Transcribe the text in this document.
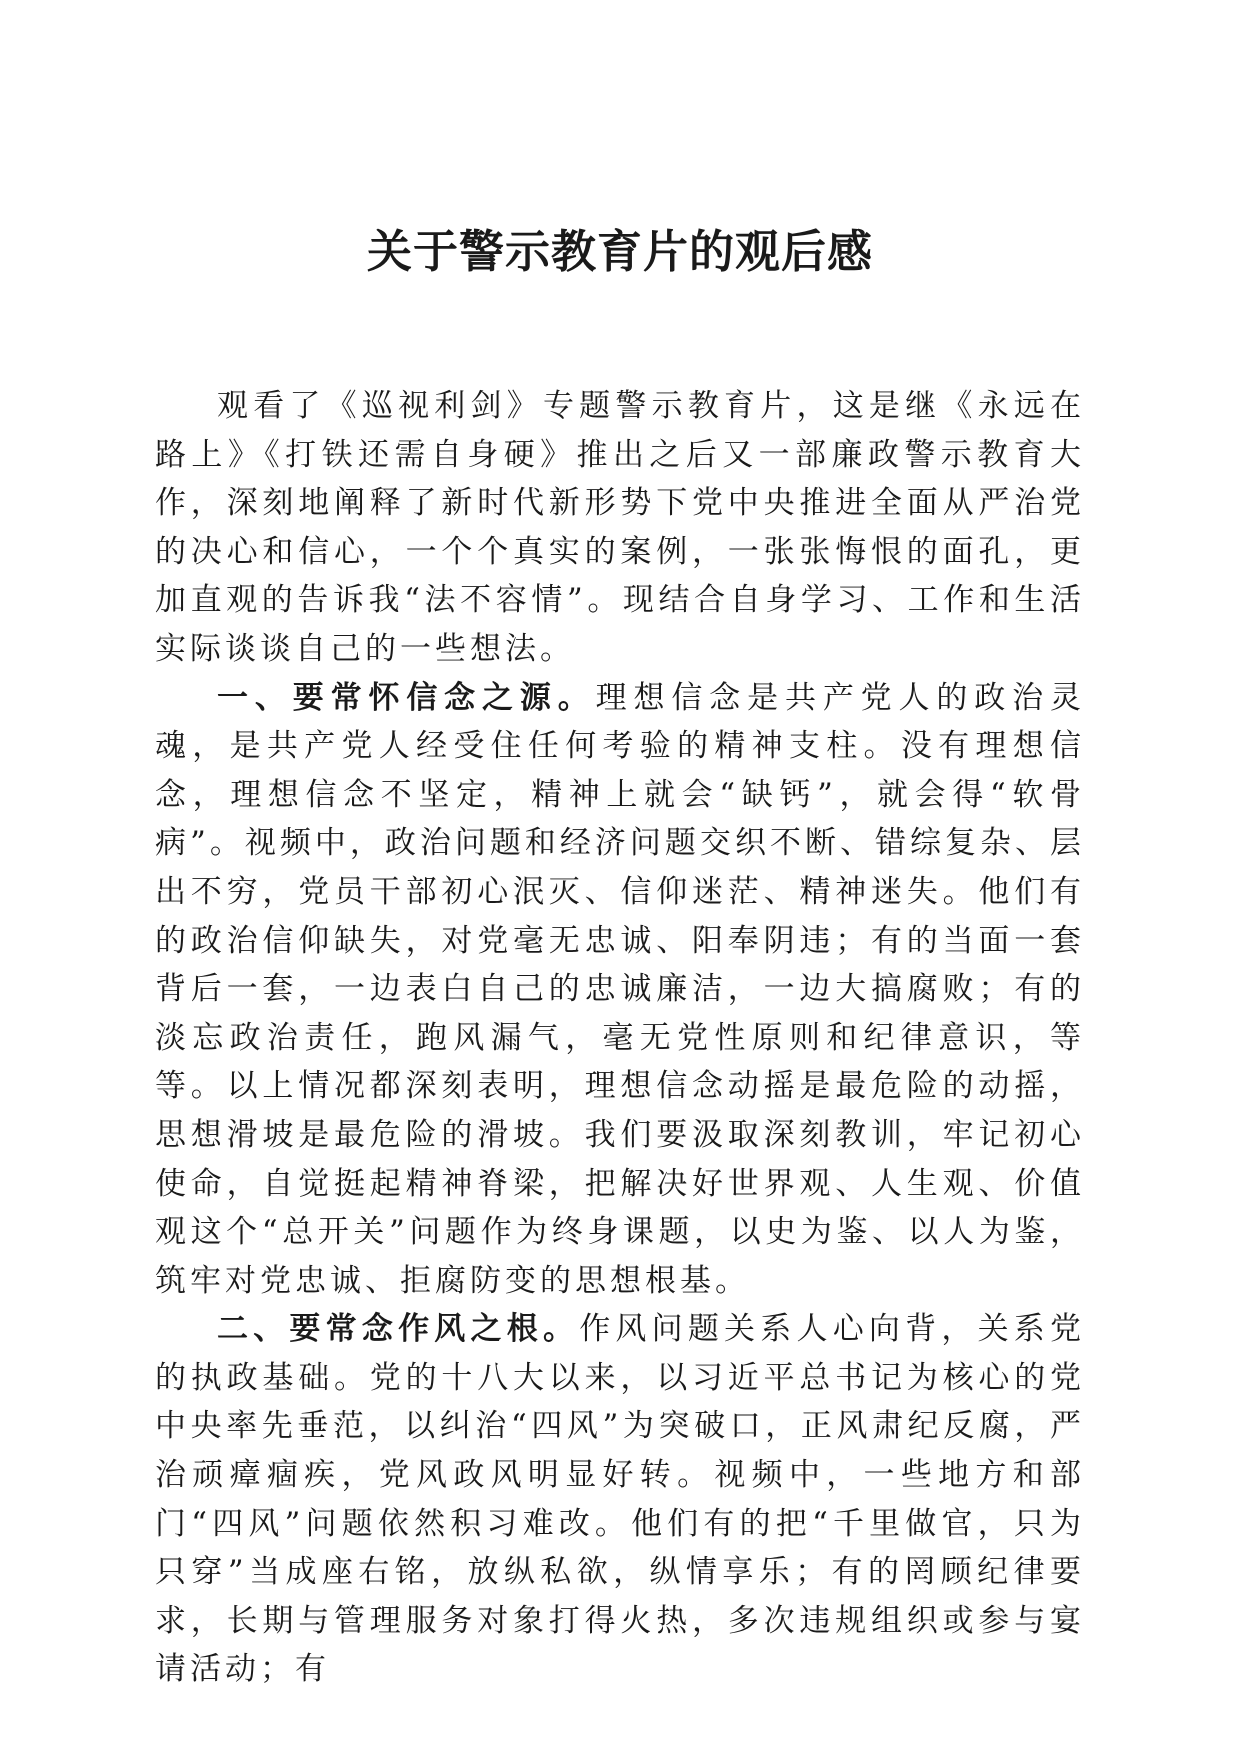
关于警示教育片的观后感

观看了《巡视利剑》专题警示教育片，这是继《永远在路上》《打铁还需自身硬》推出之后又一部廉政警示教育大作，深刻地阐释了新时代新形势下党中央推进全面从严治党的决心和信心，一个个真实的案例，一张张悔恨的面孔，更加直观的告诉我“法不容情”。现结合自身学习、工作和生活实际谈谈自己的一些想法。

一、要常怀信念之源。理想信念是共产党人的政治灵魂，是共产党人经受住任何考验的精神支柱。没有理想信念，理想信念不坚定，精神上就会“缺钙”，就会得“软骨病”。视频中，政治问题和经济问题交织不断、错综复杂、层出不穷，党员干部初心泯灭、信仰迷茫、精神迷失。他们有的政治信仰缺失，对党毫无忠诚、阳奉阴违；有的当面一套背后一套，一边表白自己的忠诚廉洁，一边大搞腐败；有的淡忘政治责任，跑风漏气，毫无党性原则和纪律意识，等等。以上情况都深刻表明，理想信念动摇是最危险的动摇，思想滑坡是最危险的滑坡。我们要汲取深刻教训，牢记初心使命，自觉挺起精神脊梁，把解决好世界观、人生观、价值观这个“总开关”问题作为终身课题，以史为鉴、以人为鉴，筑牢对党忠诚、拒腐防变的思想根基。

二、要常念作风之根。作风问题关系人心向背，关系党的执政基础。党的十八大以来，以习近平总书记为核心的党中央率先垂范，以纠治“四风”为突破口，正风肃纪反腐，严治顽瘴痼疾，党风政风明显好转。视频中，一些地方和部门“四风”问题依然积习难改。他们有的把“千里做官，只为只穿”当成座右铭，放纵私欲，纵情享乐；有的罔顾纪律要求，长期与管理服务对象打得火热，多次违规组织或参与宴请活动；有
